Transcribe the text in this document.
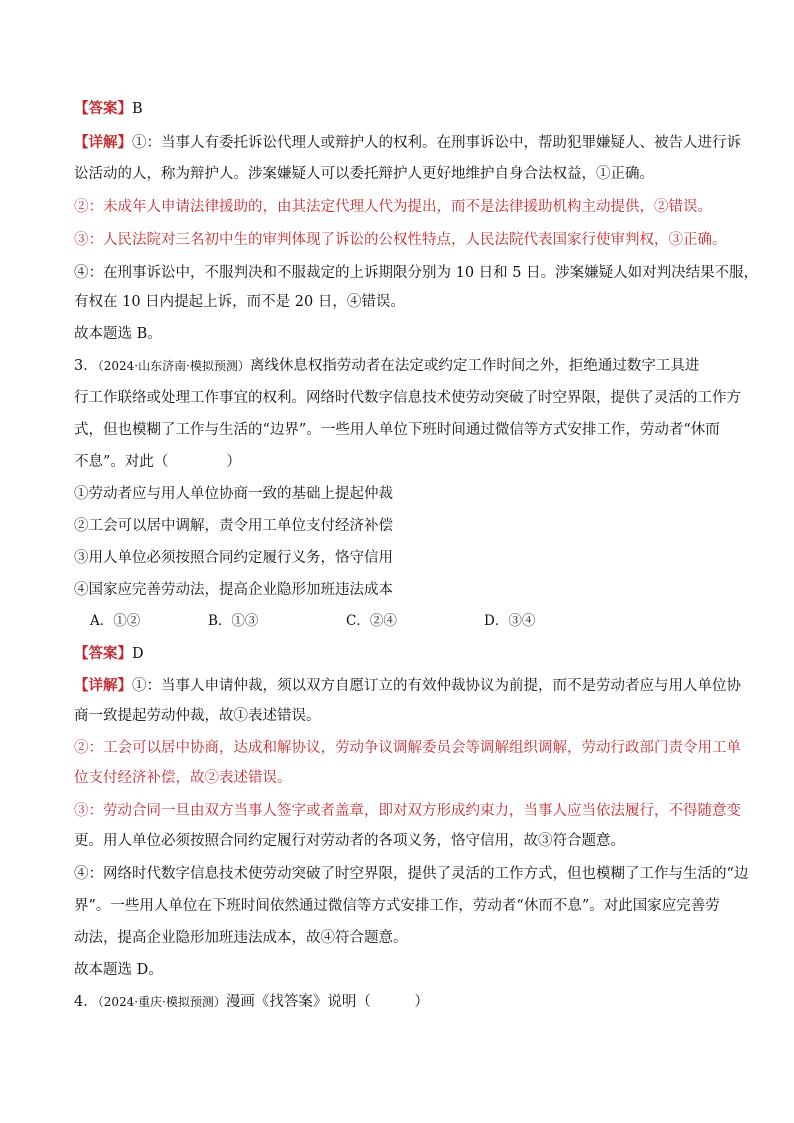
【答案】B
【详解】①：当事人有委托诉讼代理人或辩护人的权利。在刑事诉讼中，帮助犯罪嫌疑人、被告人进行诉
讼活动的人，称为辩护人。涉案嫌疑人可以委托辩护人更好地维护自身合法权益，①正确。
②：未成年人申请法律援助的，由其法定代理人代为提出，而不是法律援助机构主动提供，②错误。
③：人民法院对三名初中生的审判体现了诉讼的公权性特点，人民法院代表国家行使审判权，③正确。
④：在刑事诉讼中，不服判决和不服裁定的上诉期限分别为 10 日和 5 日。涉案嫌疑人如对判决结果不服，
有权在 10 日内提起上诉，而不是 20 日，④错误。
故本题选 B。
3．（2024·山东济南·模拟预测）离线休息权指劳动者在法定或约定工作时间之外，拒绝通过数字工具进
行工作联络或处理工作事宜的权利。网络时代数字信息技术使劳动突破了时空界限，提供了灵活的工作方
式，但也模糊了工作与生活的“边界”。一些用人单位下班时间通过微信等方式安排工作，劳动者“休而
不息”。对此（　　　　）
①劳动者应与用人单位协商一致的基础上提起仲裁
②工会可以居中调解，责令用工单位支付经济补偿
③用人单位必须按照合同约定履行义务，恪守信用
④国家应完善劳动法，提高企业隐形加班违法成本
A．①②	B．①③	C．②④	D．③④
【答案】D
【详解】①：当事人申请仲裁，须以双方自愿订立的有效仲裁协议为前提，而不是劳动者应与用人单位协
商一致提起劳动仲裁，故①表述错误。
②：工会可以居中协商，达成和解协议，劳动争议调解委员会等调解组织调解，劳动行政部门责令用工单
位支付经济补偿，故②表述错误。
③：劳动合同一旦由双方当事人签字或者盖章，即对双方形成约束力，当事人应当依法履行，不得随意变
更。用人单位必须按照合同约定履行对劳动者的各项义务，恪守信用，故③符合题意。
④：网络时代数字信息技术使劳动突破了时空界限，提供了灵活的工作方式，但也模糊了工作与生活的“边
界”。一些用人单位在下班时间依然通过微信等方式安排工作，劳动者“休而不息”。对此国家应完善劳
动法，提高企业隐形加班违法成本，故④符合题意。
故本题选 D。
4．（2024·重庆·模拟预测）漫画《找答案》说明（　　　）
